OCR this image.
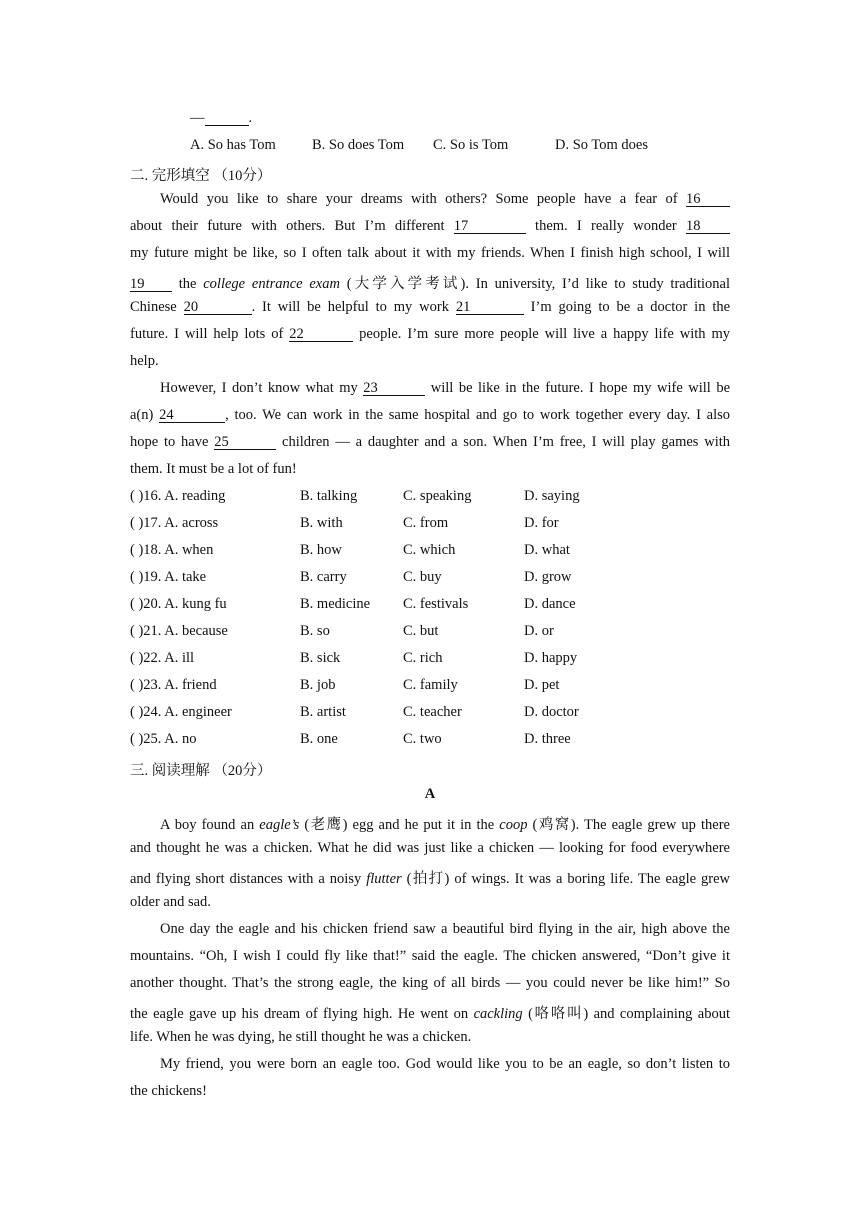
—	.
A. So has Tom	B. So does Tom C. So is Tom	D. So Tom does
二. 完形填空 （10分）
Would you like to share your dreams with others? Some people have a fear of 16
about their future with others. But I’m different 17	them. I really wonder 18
my future might be like, so I often talk about it with my friends. When I finish high school, I will
19 the college entrance exam (大学入学考试). In university, I’d like to study traditional
Chinese 20	. It will be helpful to my work 21	I’m going to be a doctor in the
future. I will help lots of 22	people. I’m sure more people will live a happy life with my
help.
However, I don’t know what my 23	will be like in the future. I hope my wife will be
a(n) 24	, too. We can work in the same hospital and go to work together every day. I also
hope to have 25	children — a daughter and a son. When I’m free, I will play games with
them. It must be a lot of fun!
( )16. A. reading	B. talking	C. speaking	D. saying
( )17. A. across	B. with	C. from	D. for
( )18. A. when	B. how	C. which	D. what
( )19. A. take	B. carry	C. buy	D. grow
( )20. A. kung fu	B. medicine C. festivals	D. dance
( )21. A. because	B. so	C. but	D. or
( )22. A. ill	B. sick	C. rich	D. happy
( )23. A. friend	B. job	C. family	D. pet
( )24. A. engineer	B. artist	C. teacher	D. doctor
( )25. A. no	B. one	C. two	D. three
三. 阅读理解 （20分）
A
A boy found an eagle’s (老鹰) egg and he put it in the coop (鸡窝). The eagle grew up there
and thought he was a chicken. What he did was just like a chicken — looking for food everywhere
and flying short distances with a noisy flutter (拍打) of wings. It was a boring life. The eagle grew
older and sad.
One day the eagle and his chicken friend saw a beautiful bird flying in the air, high above the
mountains. “Oh, I wish I could fly like that!” said the eagle. The chicken answered, “Don’t give it
another thought. That’s the strong eagle, the king of all birds — you could never be like him!” So
the eagle gave up his dream of flying high. He went on cackling (咯咯叫) and complaining about
life. When he was dying, he still thought he was a chicken.
My friend, you were born an eagle too. God would like you to be an eagle, so don’t listen to
the chickens!
